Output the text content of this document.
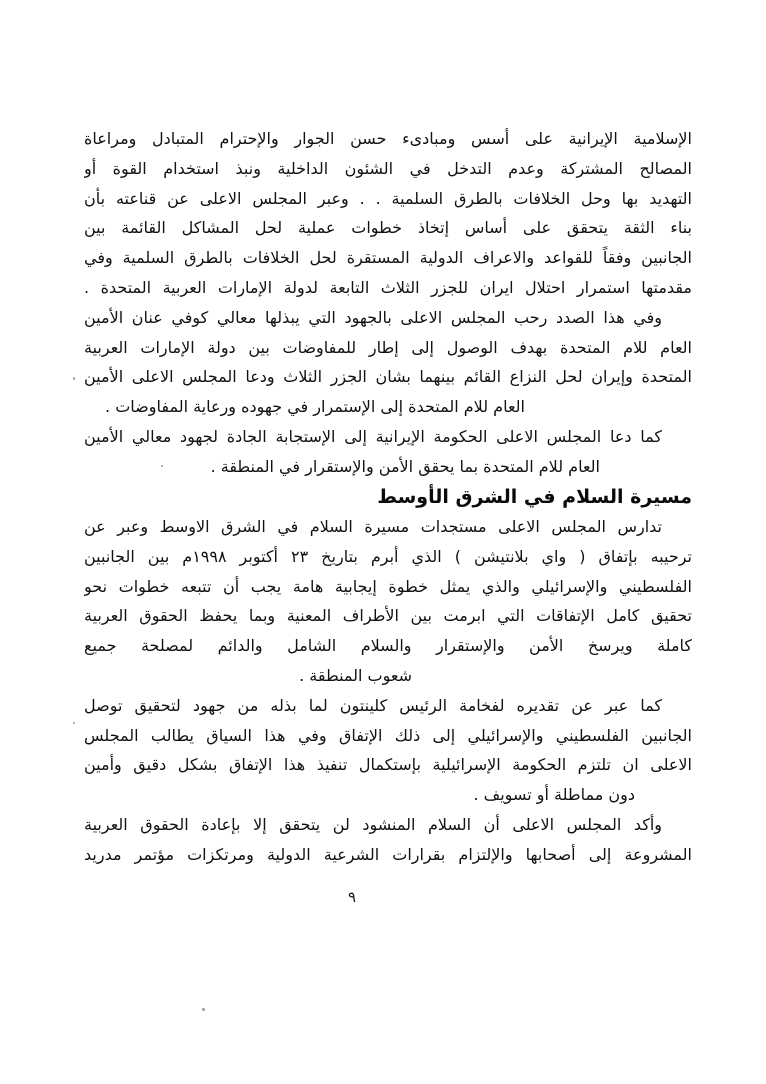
الإسلامية الإيرانية على أسس ومبادىء حسن الجوار والإحترام المتبادل ومراعاة
المصالح المشتركة وعدم التدخل في الشئون الداخلية ونبذ استخدام القوة أو
التهديد بها وحل الخلافات بالطرق السلمية . . وعبر المجلس الاعلى عن قناعته بأن
بناء الثقة يتحقق على أساس إتخاذ خطوات عملية لحل المشاكل القائمة بين
الجانبين وفقاً للقواعد والاعراف الدولية المستقرة لحل الخلافات بالطرق السلمية وفي
مقدمتها استمرار احتلال ايران للجزر الثلاث التابعة لدولة الإمارات العربية المتحدة .
وفي هذا الصدد رحب المجلس الاعلى بالجهود التي يبذلها معالي كوفي عنان الأمين
العام للام المتحدة بهدف الوصول إلى إطار للمفاوضات بين دولة الإمارات العربية
المتحدة وإيران لحل النزاع القائم بينهما بشان الجزر الثلاث ودعا المجلس الاعلى الأمين
العام للام المتحدة إلى الإستمرار في جهوده ورعاية المفاوضات .
كما دعا المجلس الاعلى الحكومة الإيرانية إلى الإستجابة الجادة لجهود معالي الأمين
العام للام المتحدة بما يحقق الأمن والإستقرار في المنطقة .
مسيرة السلام في الشرق الأوسط
تدارس المجلس الاعلى مستجدات مسيرة السلام في الشرق الاوسط وعبر عن
ترحيبه بإتفاق ( واي بلانتيشن ) الذي أبرم بتاريخ ٢٣ أكتوبر ١٩٩٨م بين الجانبين
الفلسطيني والإسرائيلي والذي يمثل خطوة إيجابية هامة يجب أن تتبعه خطوات نحو
تحقيق كامل الإتفاقات التي ابرمت بين الأطراف المعنية وبما يحفظ الحقوق العربية
كاملة ويرسخ الأمن والإستقرار والسلام الشامل والدائم لمصلحة جميع
شعوب المنطقة .
كما عبر عن تقديره لفخامة الرئيس كلينتون لما بذله من جهود لتحقيق توصل
الجانبين الفلسطيني والإسرائيلي إلى ذلك الإتفاق وفي هذا السياق يطالب المجلس
الاعلى ان تلتزم الحكومة الإسرائيلية بإستكمال تنفيذ هذا الإتفاق بشكل دقيق وأمين
دون مماطلة أو تسويف .
وأكد المجلس الاعلى أن السلام المنشود لن يتحقق إلا بإعادة الحقوق العربية
المشروعة إلى أصحابها والإلتزام بقرارات الشرعية الدولية ومرتكزات مؤتمر مدريد
٩
